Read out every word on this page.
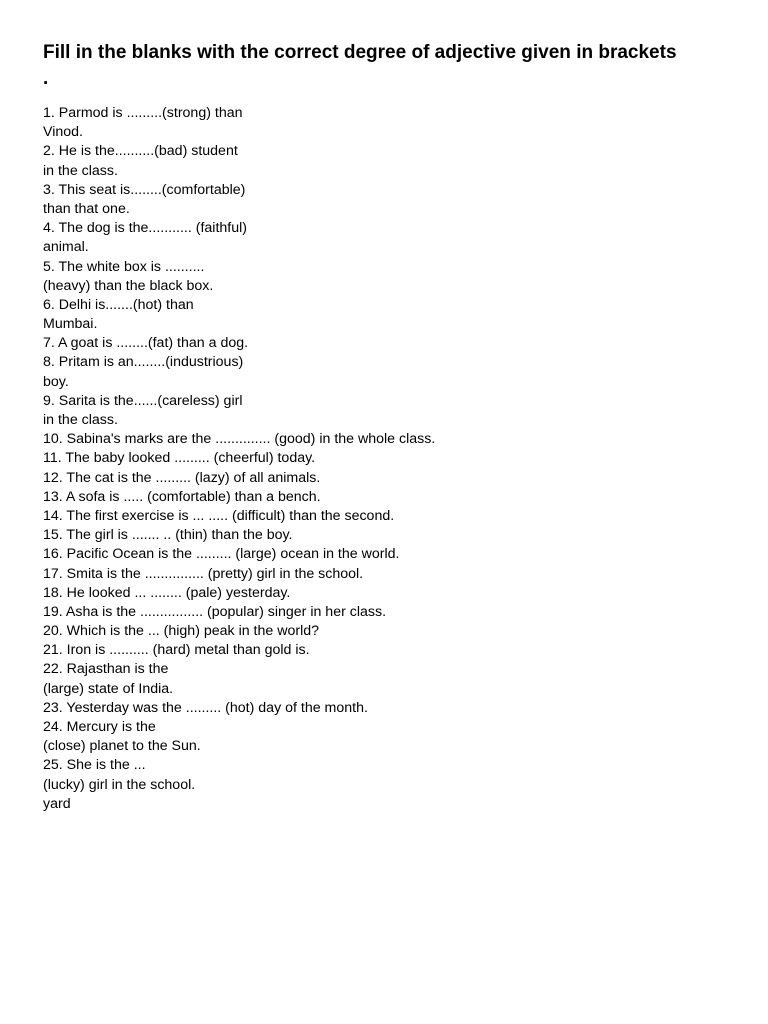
Fill in the blanks with the correct degree of adjective given in brackets .
1. Parmod is .........(strong) than
Vinod.
2. He is the..........(bad) student
in the class.
3. This seat is........(comfortable)
than that one.
4. The dog is the........... (faithful)
animal.
5. The white box is ..........
(heavy) than the black box.
6. Delhi is.......(hot) than
Mumbai.
7. A goat is ........(fat) than a dog.
8. Pritam is an........(industrious)
boy.
9. Sarita is the......(careless) girl
in the class.
10. Sabina's marks are the .............. (good) in the whole class.
11. The baby looked ......... (cheerful) today.
12. The cat is the ......... (lazy) of all animals.
13. A sofa is ..... (comfortable) than a bench.
14. The first exercise is ... ..... (difficult) than the second.
15. The girl is ....... .. (thin) than the boy.
16. Pacific Ocean is the ......... (large) ocean in the world.
17. Smita is the ............... (pretty) girl in the school.
18. He looked ... ........ (pale) yesterday.
19. Asha is the ................ (popular) singer in her class.
20. Which is the ... (high) peak in the world?
21. Iron is .......... (hard) metal than gold is.
22. Rajasthan is the
(large) state of India.
23. Yesterday was the ......... (hot) day of the month.
24. Mercury is the
(close) planet to the Sun.
25. She is the ...
(lucky) girl in the school.
yard
